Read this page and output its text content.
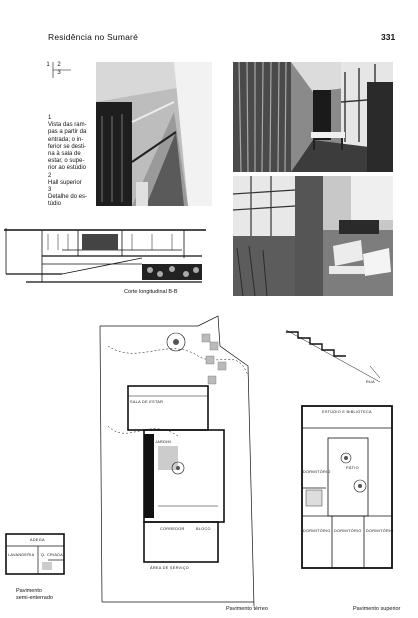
Residência no Sumaré	331
1	2
3
1
Vista das ram-
pas a partir da
entrada; o in-
ferior se desti-
na à sala de
estar, o supe-
rior ao estúdio
2
Hall superior
3
Detalhe do es-
túdio
Corte longitudinal B-B
SALA DE ESTAR
JARDIM
CORREDOR	BLOCO
ÁREA DE SERVIÇO
Pavimento térreo
RUA
ESTÚDIO E BIBLIOTECA
DORMITÓRIO
PÁTIO
DORMITÓRIO DORMITÓRIO DORMITÓRIO
Pavimento superior
ADEGA
LAVANDERIA Q. CRIADA
Pavimento
semi-enterrado
